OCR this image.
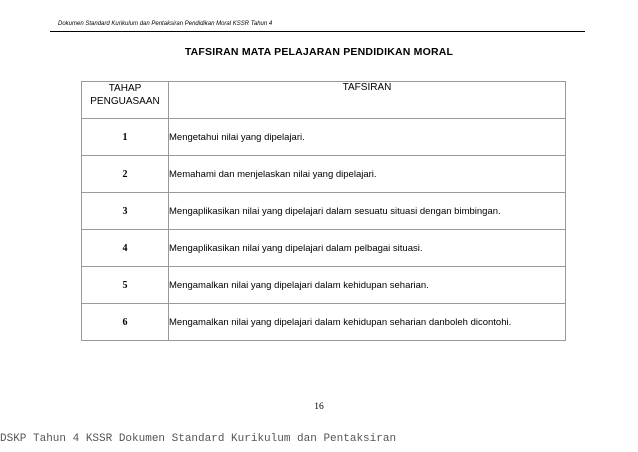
Dokumen Standard Kurikulum dan Pentaksiran Pendidikan Moral KSSR Tahun 4
TAFSIRAN MATA PELAJARAN PENDIDIKAN MORAL
TAHAP PENGUASAAN	TAFSIRAN
1	Mengetahui nilai yang dipelajari.
2	Memahami dan menjelaskan nilai yang dipelajari.
3	Mengaplikasikan nilai yang dipelajari dalam sesuatu situasi dengan bimbingan.
4	Mengaplikasikan nilai yang dipelajari dalam pelbagai situasi.
5	Mengamalkan nilai yang dipelajari dalam kehidupan seharian.
6	Mengamalkan nilai yang dipelajari dalam kehidupan seharian danboleh dicontohi.
16
DSKP Tahun 4 KSSR Dokumen Standard Kurikulum dan Pentaksiran
